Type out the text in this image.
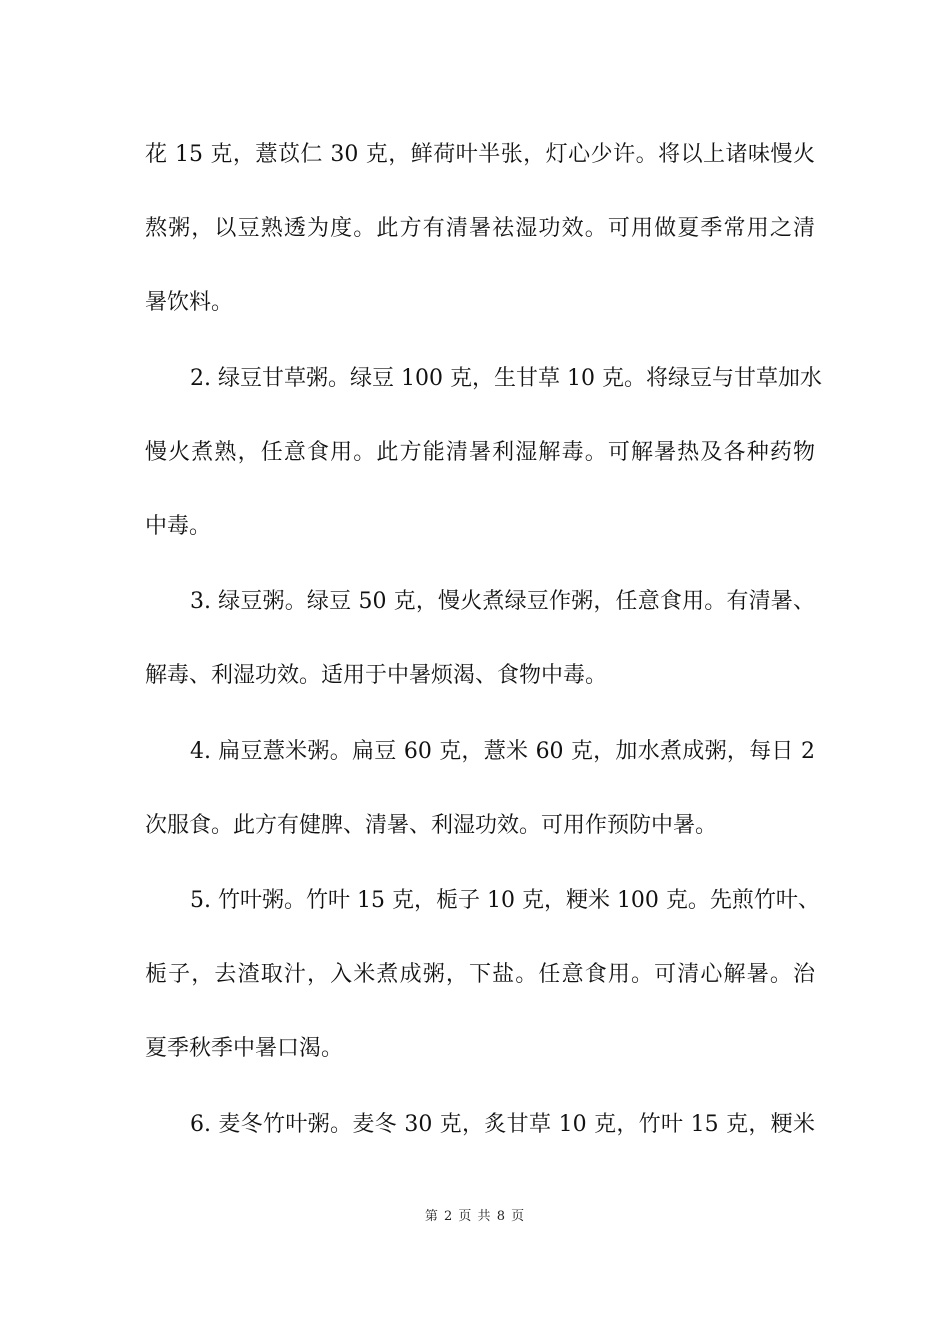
花 15 克，薏苡仁 30 克，鲜荷叶半张，灯心少许。将以上诸味慢火
熬粥，以豆熟透为度。此方有清暑祛湿功效。可用做夏季常用之清
暑饮料。
2. 绿豆甘草粥。绿豆 100 克，生甘草 10 克。将绿豆与甘草加水
慢火煮熟，任意食用。此方能清暑利湿解毒。可解暑热及各种药物
中毒。
3. 绿豆粥。绿豆 50 克，慢火煮绿豆作粥，任意食用。有清暑、
解毒、利湿功效。适用于中暑烦渴、食物中毒。
4. 扁豆薏米粥。扁豆 60 克，薏米 60 克，加水煮成粥，每日 2
次服食。此方有健脾、清暑、利湿功效。可用作预防中暑。
5. 竹叶粥。竹叶 15 克，栀子 10 克，粳米 100 克。先煎竹叶、
栀子，去渣取汁，入米煮成粥，下盐。任意食用。可清心解暑。治
夏季秋季中暑口渴。
6. 麦冬竹叶粥。麦冬 30 克，炙甘草 10 克，竹叶 15 克，粳米
第 2 页 共 8 页
